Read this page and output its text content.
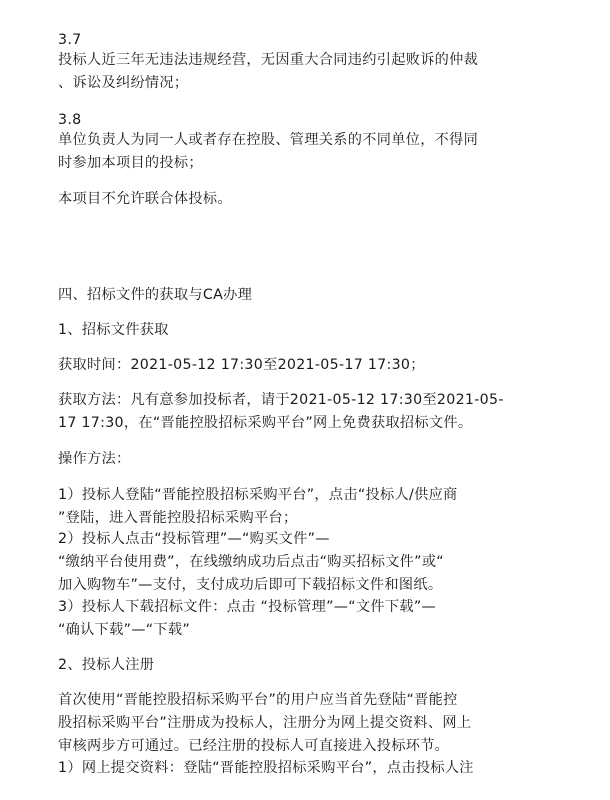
3.7

投标人近三年无违法违规经营，无因重大合同违约引起败诉的仲裁

、诉讼及纠纷情况；

3.8

单位负责人为同一人或者存在控股、管理关系的不同单位，不得同

时参加本项目的投标；

本项目不允许联合体投标。

四、招标文件的获取与CA办理

1、招标文件获取

获取时间：2021-05-12 17:30至2021-05-17 17:30；

获取方法：凡有意参加投标者，请于2021-05-12 17:30至2021-05-

17 17:30，在“晋能控股招标采购平台”网上免费获取招标文件。

操作方法：

1）投标人登陆“晋能控股招标采购平台”，点击“投标人/供应商

”登陆，进入晋能控股招标采购平台；

2）投标人点击“投标管理”—“购买文件”—

“缴纳平台使用费”，在线缴纳成功后点击“购买招标文件”或“

加入购物车”—支付，支付成功后即可下载招标文件和图纸。

3）投标人下载招标文件：点击 “投标管理”—“文件下载”—

“确认下载”—“下载”

2、投标人注册

首次使用“晋能控股招标采购平台”的用户应当首先登陆“晋能控

股招标采购平台”注册成为投标人，注册分为网上提交资料、网上

审核两步方可通过。已经注册的投标人可直接进入投标环节。

1）网上提交资料：登陆“晋能控股招标采购平台”，点击投标人注
